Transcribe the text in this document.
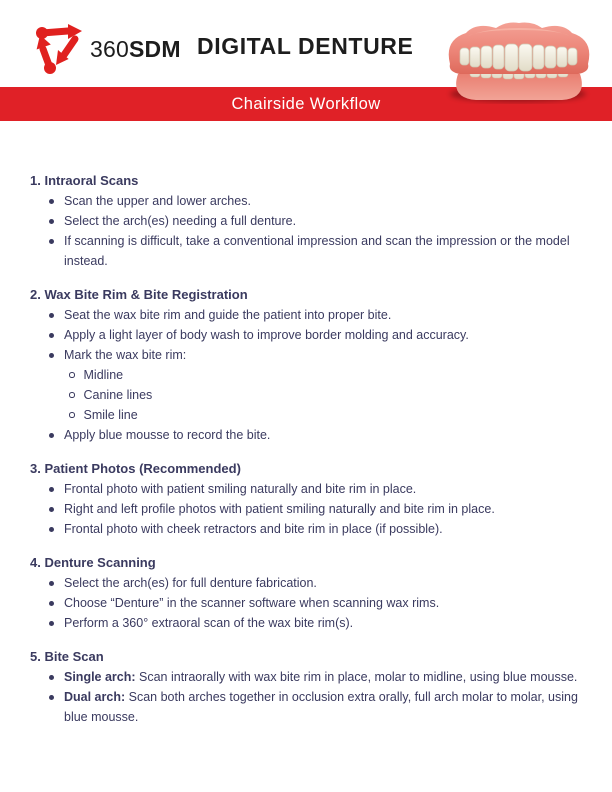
360SDM DIGITAL DENTURE
Chairside Workflow
1. Intraoral Scans
Scan the upper and lower arches.
Select the arch(es) needing a full denture.
If scanning is difficult, take a conventional impression and scan the impression or the model instead.
2. Wax Bite Rim & Bite Registration
Seat the wax bite rim and guide the patient into proper bite.
Apply a light layer of body wash to improve border molding and accuracy.
Mark the wax bite rim:
Midline
Canine lines
Smile line
Apply blue mousse to record the bite.
3. Patient Photos (Recommended)
Frontal photo with patient smiling naturally and bite rim in place.
Right and left profile photos with patient smiling naturally and bite rim in place.
Frontal photo with cheek retractors and bite rim in place (if possible).
4. Denture Scanning
Select the arch(es) for full denture fabrication.
Choose “Denture” in the scanner software when scanning wax rims.
Perform a 360° extraoral scan of the wax bite rim(s).
5. Bite Scan
Single arch: Scan intraorally with wax bite rim in place, molar to midline, using blue mousse.
Dual arch: Scan both arches together in occlusion extra orally, full arch molar to molar, using blue mousse.
